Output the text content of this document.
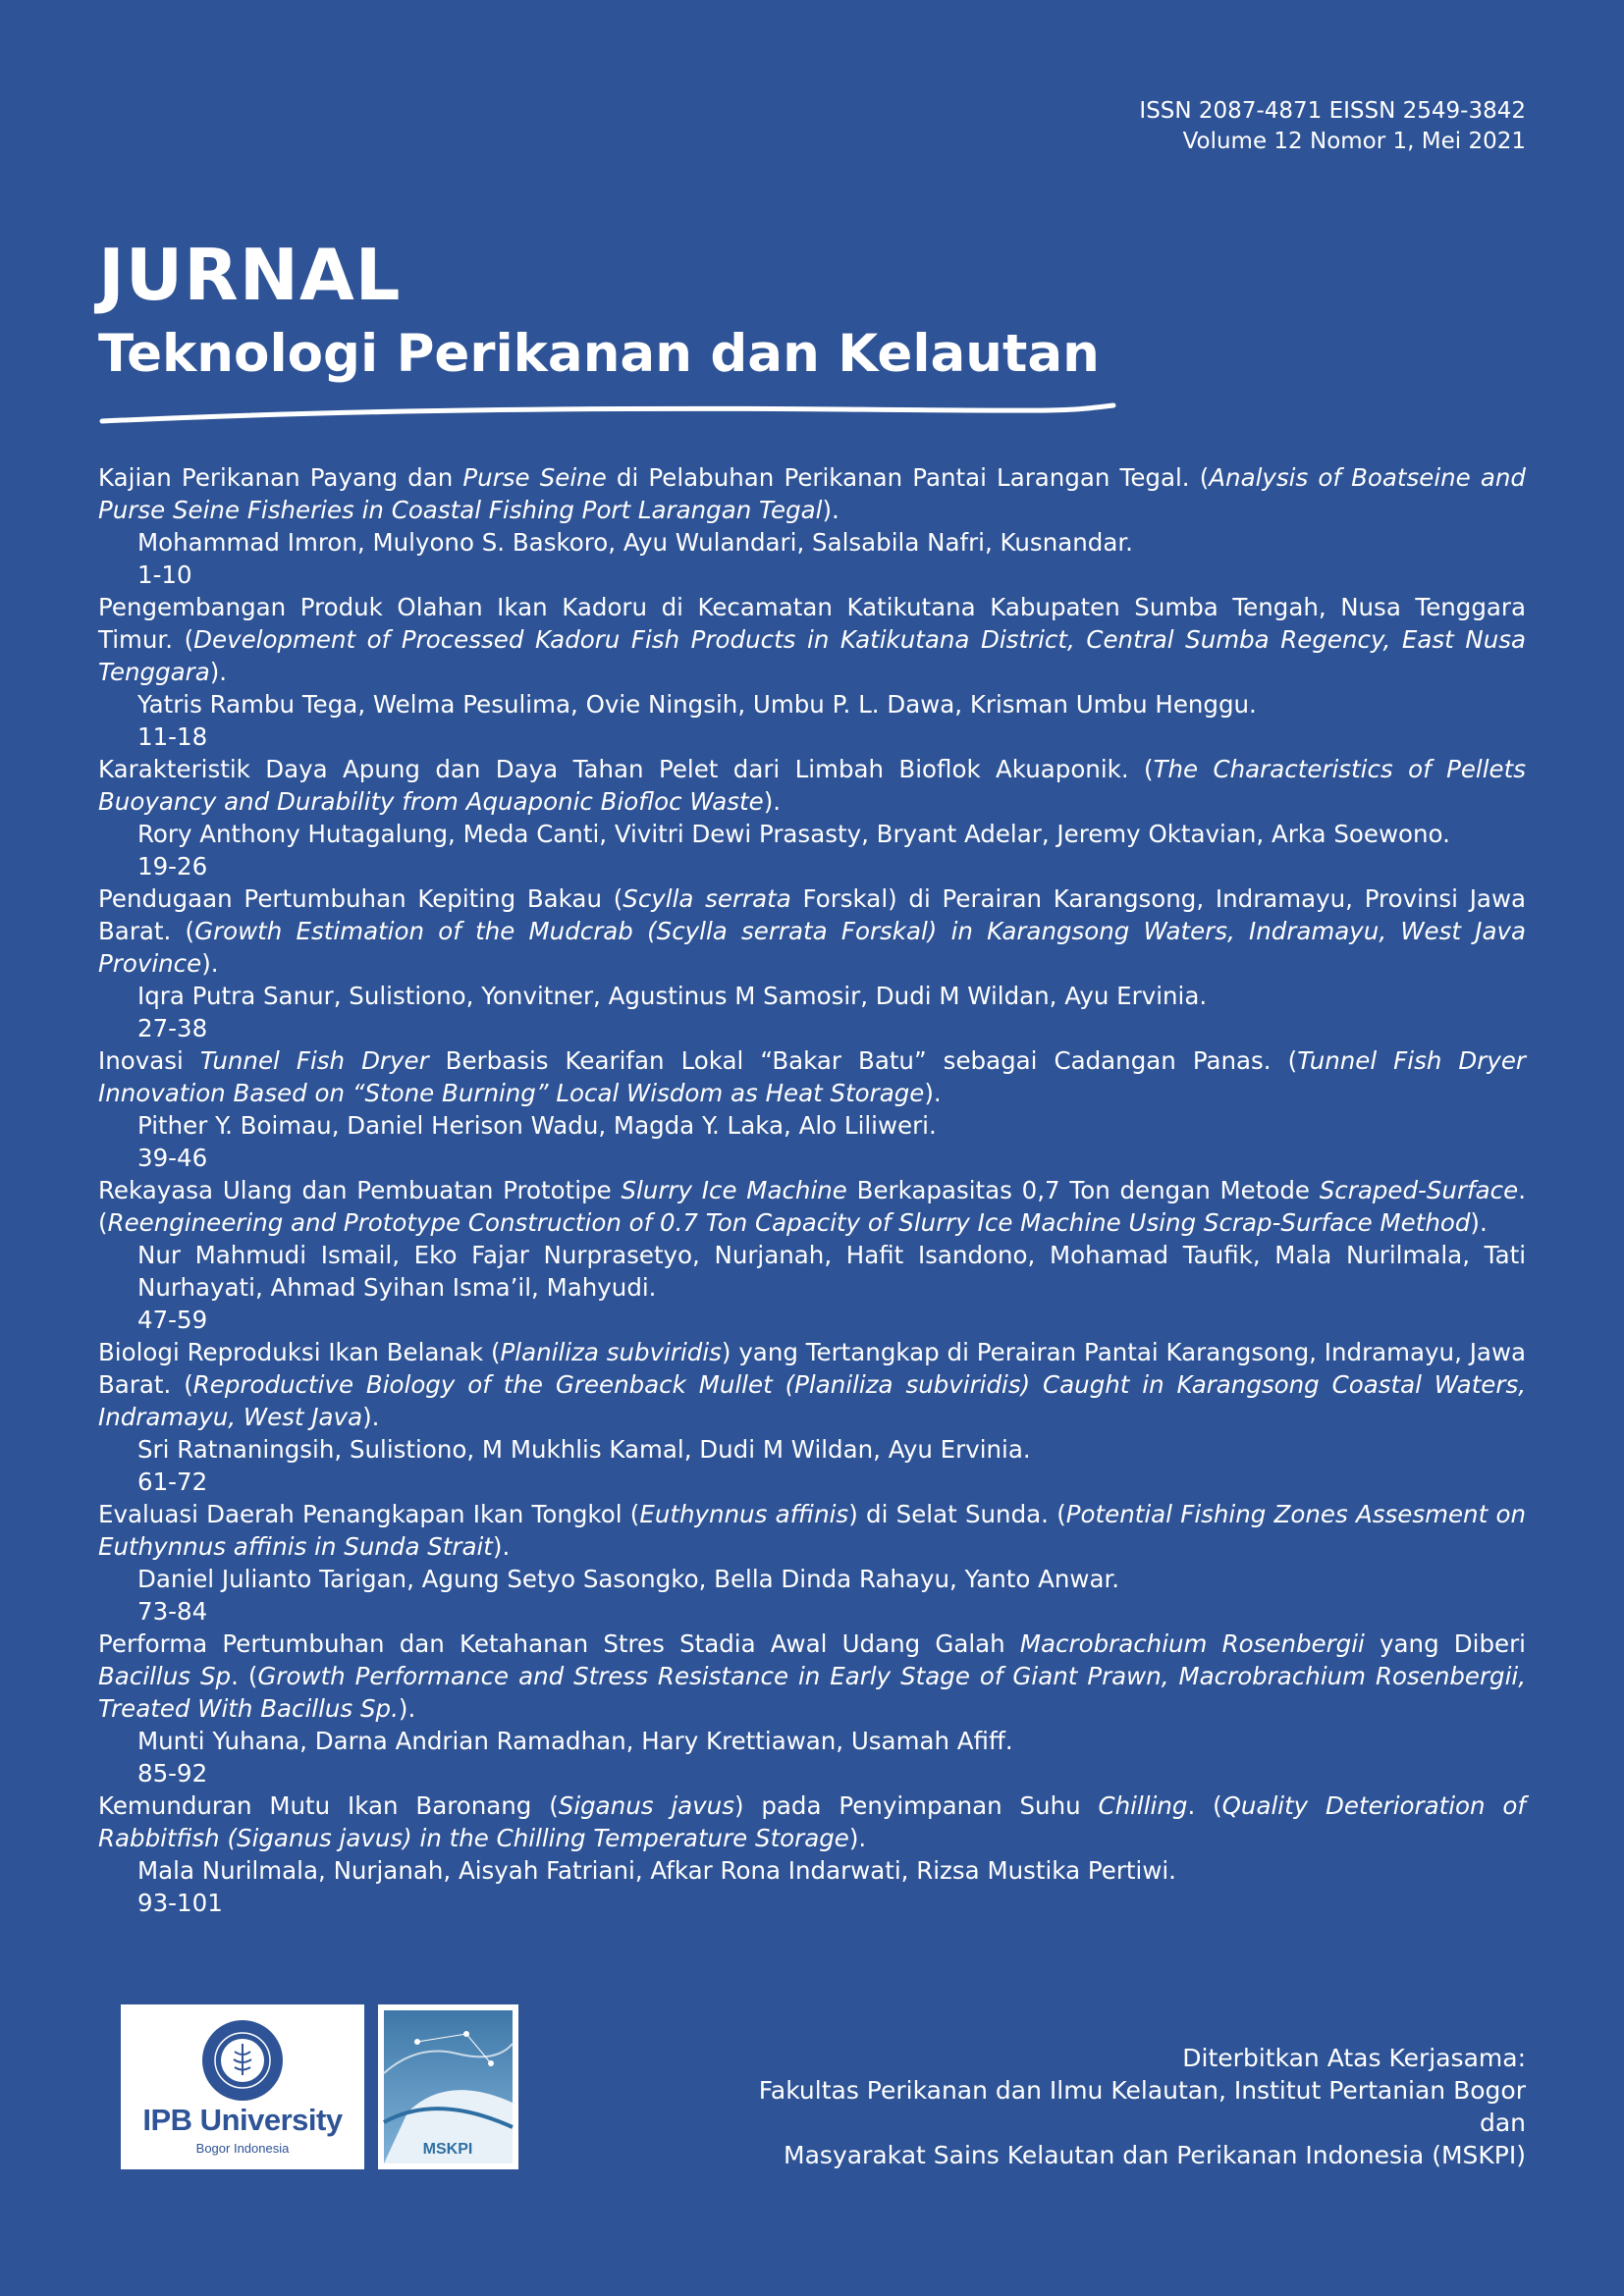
ISSN 2087-4871 EISSN 2549-3842
Volume 12 Nomor 1, Mei 2021
JURNAL
Teknologi Perikanan dan Kelautan

Kajian Perikanan Payang dan Purse Seine di Pelabuhan Perikanan Pantai Larangan Tegal. (Analysis of Boatseine and Purse Seine Fisheries in Coastal Fishing Port Larangan Tegal).

Mohammad Imron, Mulyono S. Baskoro, Ayu Wulandari, Salsabila Nafri, Kusnandar.

1-10

Pengembangan Produk Olahan Ikan Kadoru di Kecamatan Katikutana Kabupaten Sumba Tengah, Nusa Tenggara Timur. (Development of Processed Kadoru Fish Products in Katikutana District, Central Sumba Regency, East Nusa Tenggara).

Yatris Rambu Tega, Welma Pesulima, Ovie Ningsih, Umbu P. L. Dawa, Krisman Umbu Henggu.

11-18

Karakteristik Daya Apung dan Daya Tahan Pelet dari Limbah Bioflok Akuaponik. (The Characteristics of Pellets Buoyancy and Durability from Aquaponic Biofloc Waste).

Rory Anthony Hutagalung, Meda Canti, Vivitri Dewi Prasasty, Bryant Adelar, Jeremy Oktavian, Arka Soewono.

19-26

Pendugaan Pertumbuhan Kepiting Bakau (Scylla serrata Forskal) di Perairan Karangsong, Indramayu, Provinsi Jawa Barat. (Growth Estimation of the Mudcrab (Scylla serrata Forskal) in Karangsong Waters, Indramayu, West Java Province).

Iqra Putra Sanur, Sulistiono, Yonvitner, Agustinus M Samosir, Dudi M Wildan, Ayu Ervinia.

27-38

Inovasi Tunnel Fish Dryer Berbasis Kearifan Lokal “Bakar Batu” sebagai Cadangan Panas. (Tunnel Fish Dryer Innovation Based on “Stone Burning” Local Wisdom as Heat Storage).

Pither Y. Boimau, Daniel Herison Wadu, Magda Y. Laka, Alo Liliweri.

39-46

Rekayasa Ulang dan Pembuatan Prototipe Slurry Ice Machine Berkapasitas 0,7 Ton dengan Metode Scraped-Surface. (Reengineering and Prototype Construction of 0.7 Ton Capacity of Slurry Ice Machine Using Scrap-Surface Method).

Nur Mahmudi Ismail, Eko Fajar Nurprasetyo, Nurjanah, Hafit Isandono, Mohamad Taufik, Mala Nurilmala, Tati Nurhayati, Ahmad Syihan Isma’il, Mahyudi.

47-59

Biologi Reproduksi Ikan Belanak (Planiliza subviridis) yang Tertangkap di Perairan Pantai Karangsong, Indramayu, Jawa Barat. (Reproductive Biology of the Greenback Mullet (Planiliza subviridis) Caught in Karangsong Coastal Waters, Indramayu, West Java).

Sri Ratnaningsih, Sulistiono, M Mukhlis Kamal, Dudi M Wildan, Ayu Ervinia.

61-72

Evaluasi Daerah Penangkapan Ikan Tongkol (Euthynnus affinis) di Selat Sunda. (Potential Fishing Zones Assesment on Euthynnus affinis in Sunda Strait).

Daniel Julianto Tarigan, Agung Setyo Sasongko, Bella Dinda Rahayu, Yanto Anwar.

73-84

Performa Pertumbuhan dan Ketahanan Stres Stadia Awal Udang Galah Macrobrachium Rosenbergii yang Diberi Bacillus Sp. (Growth Performance and Stress Resistance in Early Stage of Giant Prawn, Macrobrachium Rosenbergii, Treated With Bacillus Sp.).

Munti Yuhana, Darna Andrian Ramadhan, Hary Krettiawan, Usamah Afiff.

85-92

Kemunduran Mutu Ikan Baronang (Siganus javus) pada Penyimpanan Suhu Chilling. (Quality Deterioration of Rabbitfish (Siganus javus) in the Chilling Temperature Storage).

Mala Nurilmala, Nurjanah, Aisyah Fatriani, Afkar Rona Indarwati, Rizsa Mustika Pertiwi.

93-101

IPB University
Bogor Indonesia	MSKPI
Diterbitkan Atas Kerjasama:
Fakultas Perikanan dan Ilmu Kelautan, Institut Pertanian Bogor
dan
Masyarakat Sains Kelautan dan Perikanan Indonesia (MSKPI)
